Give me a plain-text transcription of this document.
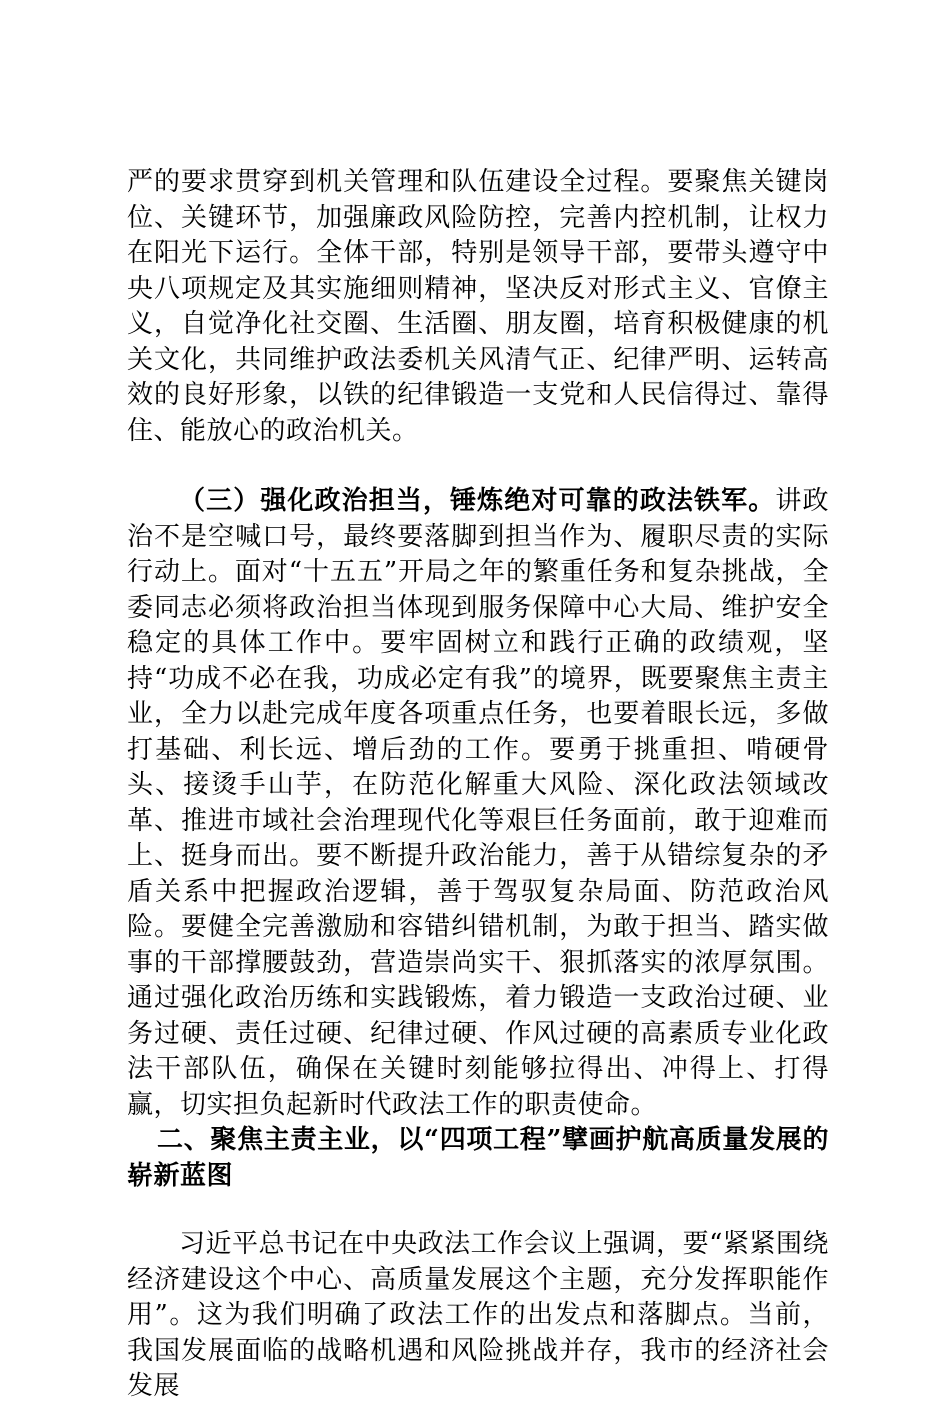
严的要求贯穿到机关管理和队伍建设全过程。要聚焦关键岗位、关键环节，加强廉政风险防控，完善内控机制，让权力在阳光下运行。全体干部，特别是领导干部，要带头遵守中央八项规定及其实施细则精神，坚决反对形式主义、官僚主义，自觉净化社交圈、生活圈、朋友圈，培育积极健康的机关文化，共同维护政法委机关风清气正、纪律严明、运转高效的良好形象，以铁的纪律锻造一支党和人民信得过、靠得住、能放心的政治机关。

（三）强化政治担当，锤炼绝对可靠的政法铁军。讲政治不是空喊口号，最终要落脚到担当作为、履职尽责的实际行动上。面对“十五五”开局之年的繁重任务和复杂挑战，全委同志必须将政治担当体现到服务保障中心大局、维护安全稳定的具体工作中。要牢固树立和践行正确的政绩观，坚持“功成不必在我，功成必定有我”的境界，既要聚焦主责主业，全力以赴完成年度各项重点任务，也要着眼长远，多做打基础、利长远、增后劲的工作。要勇于挑重担、啃硬骨头、接烫手山芋，在防范化解重大风险、深化政法领域改革、推进市域社会治理现代化等艰巨任务面前，敢于迎难而上、挺身而出。要不断提升政治能力，善于从错综复杂的矛盾关系中把握政治逻辑，善于驾驭复杂局面、防范政治风险。要健全完善激励和容错纠错机制，为敢于担当、踏实做事的干部撑腰鼓劲，营造崇尚实干、狠抓落实的浓厚氛围。通过强化政治历练和实践锻炼，着力锻造一支政治过硬、业务过硬、责任过硬、纪律过硬、作风过硬的高素质专业化政法干部队伍，确保在关键时刻能够拉得出、冲得上、打得赢，切实担负起新时代政法工作的职责使命。

二、聚焦主责主业，以“四项工程”擘画护航高质量发展的崭新蓝图

习近平总书记在中央政法工作会议上强调，要“紧紧围绕经济建设这个中心、高质量发展这个主题，充分发挥职能作用”。这为我们明确了政法工作的出发点和落脚点。当前，我国发展面临的战略机遇和风险挑战并存，我市的经济社会发展
